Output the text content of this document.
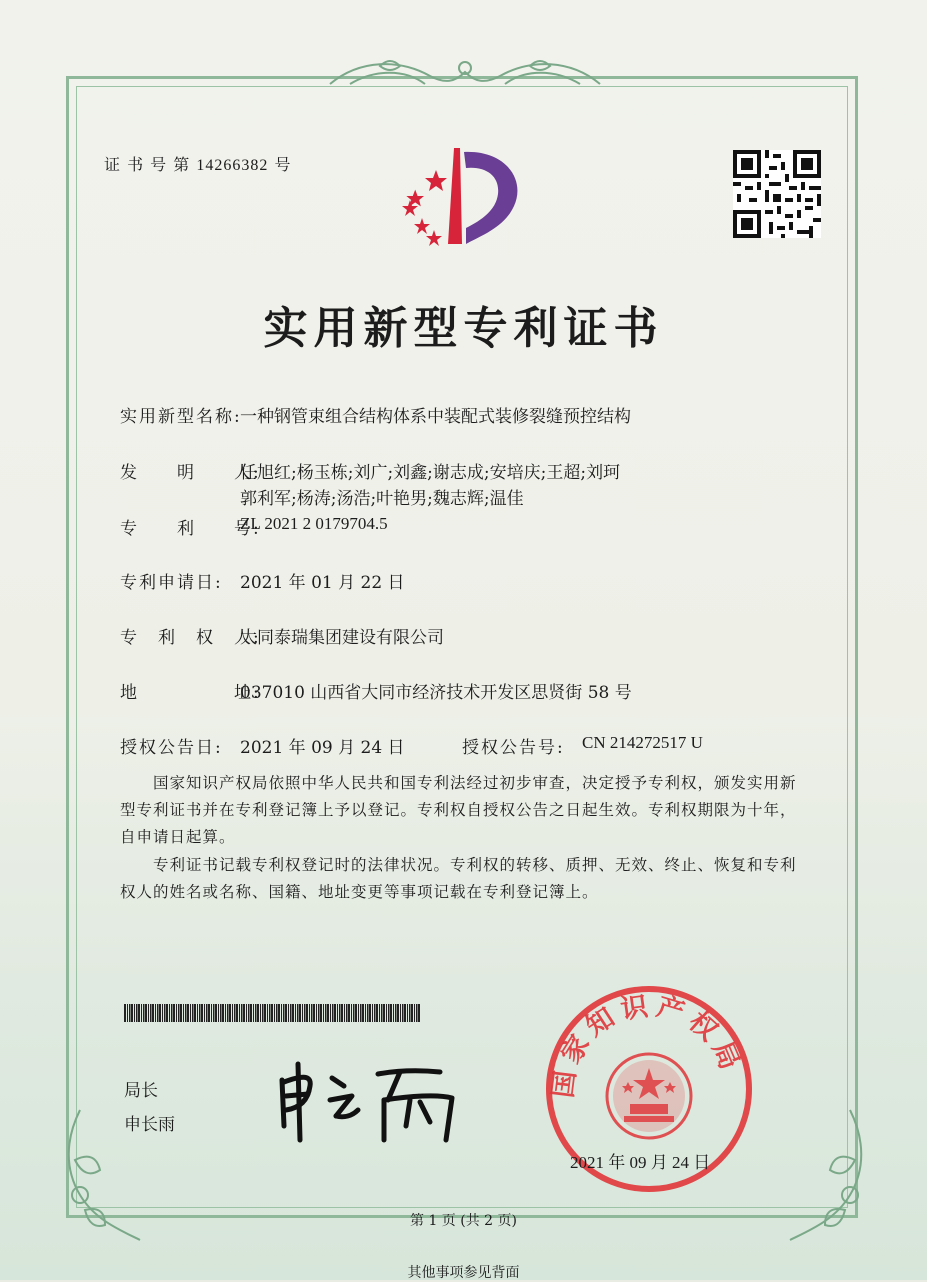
证 书 号 第 14266382 号
实用新型专利证书
实用新型名称:
一种钢管束组合结构体系中装配式装修裂缝预控结构
发　　明　　人:
任旭红;杨玉栋;刘广;刘鑫;谢志成;安培庆;王超;刘珂
郭利军;杨涛;汤浩;叶艳男;魏志辉;温佳
专　　利　　号:
ZL 2021 2 0179704.5
专利申请日: 2021 年 01 月 22 日
专　利　权　人:
大同泰瑞集团建设有限公司
地　　　　　址:
037010 山西省大同市经济技术开发区思贤街 58 号
授权公告日: 2021 年 09 月 24 日	授权公告号: CN 214272517 U
国家知识产权局依照中华人民共和国专利法经过初步审查，决定授予专利权，颁发实用新型专利证书并在专利登记簿上予以登记。专利权自授权公告之日起生效。专利权期限为十年，自申请日起算。
专利证书记载专利权登记时的法律状况。专利权的转移、质押、无效、终止、恢复和专利权人的姓名或名称、国籍、地址变更等事项记载在专利登记簿上。
局长
申长雨
国家知识产权局
2021 年 09 月 24 日
第 1 页 (共 2 页)
其他事项参见背面
